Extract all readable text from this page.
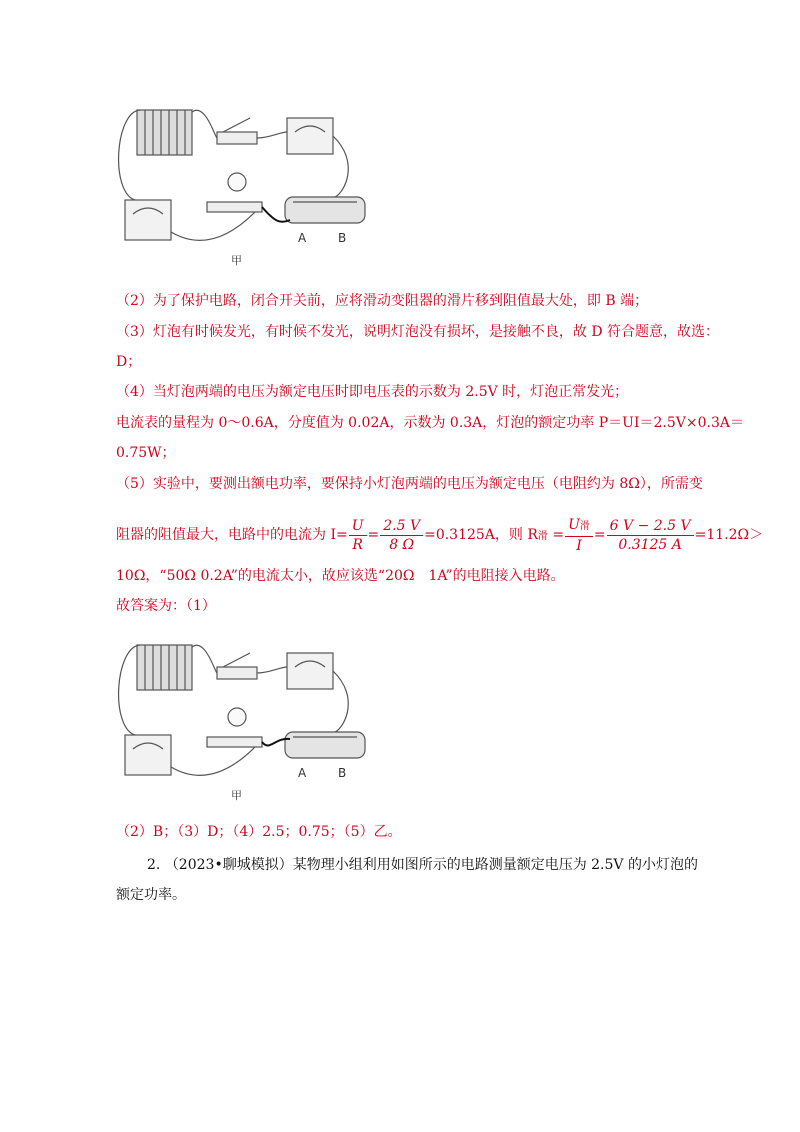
A	B
甲
（2）为了保护电路，闭合开关前，应将滑动变阻器的滑片移到阻值最大处，即 B 端；
（3）灯泡有时候发光，有时候不发光，说明灯泡没有损坏，是接触不良，故 D 符合题意，故选：
D；
（4）当灯泡两端的电压为额定电压时即电压表的示数为 2.5V 时，灯泡正常发光；
电流表的量程为 0～0.6A，分度值为 0.02A，示数为 0.3A，灯泡的额定功率 P＝UI＝2.5V×0.3A＝
0.75W；
（5）实验中，要测出额电功率，要保持小灯泡两端的电压为额定电压（电阻约为 8Ω），所需变
阻器的阻值最大，电路中的电流为 $I= \frac{U}{R} = \frac{2.5 V}{8 \Omega} =0.3125A$，则 R滑 = $\frac{\text{U滑}}{I} = \frac{6 V - 2.5 V}{0.3125 A} =11.2\Omega>$
10Ω，“50Ω 0.2A”的电流太小，故应该选“20Ω　1A”的电阻接入电路。
故答案为：（1）
A	B
甲
（2）B；（3）D；（4）2.5；0.75；（5）乙。
2. （2023•聊城模拟）某物理小组利用如图所示的电路测量额定电压为 2.5V 的小灯泡的
额定功率。
